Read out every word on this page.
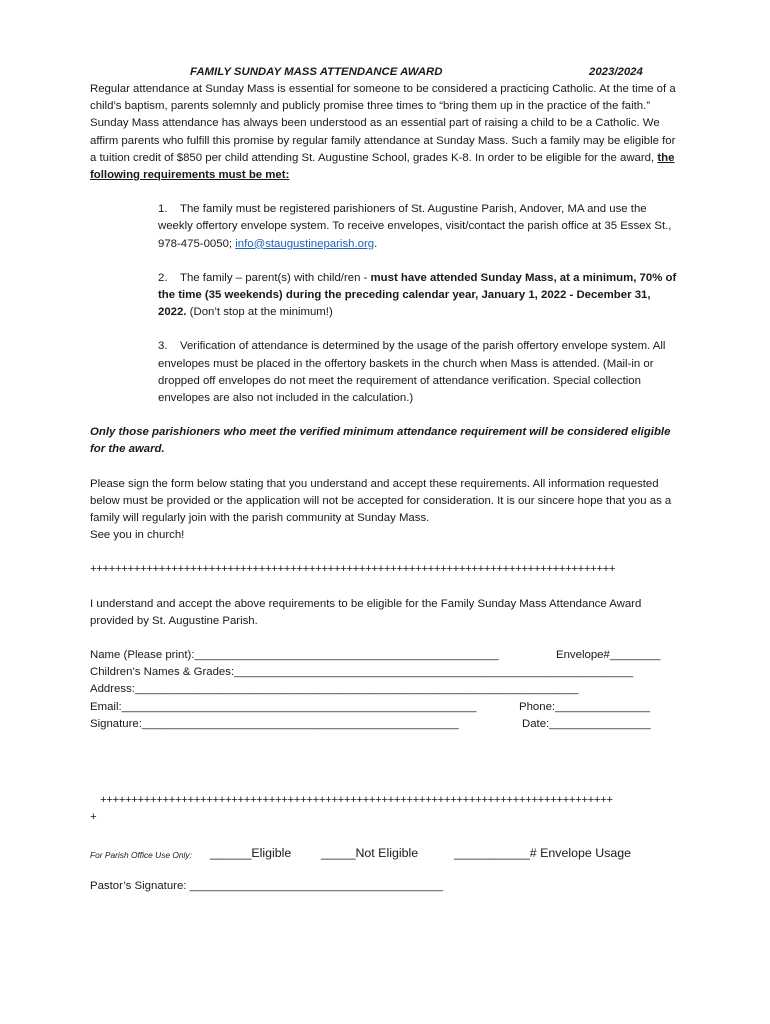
FAMILY SUNDAY MASS ATTENDANCE AWARD	2023/2024

Regular attendance at Sunday Mass is essential for someone to be considered a practicing Catholic. At the time of a child’s baptism, parents solemnly and publicly promise three times to “bring them up in the practice of the faith.” Sunday Mass attendance has always been understood as an essential part of raising a child to be a Catholic. We affirm parents who fulfill this promise by regular family attendance at Sunday Mass. Such a family may be eligible for a tuition credit of $850 per child attending St. Augustine School, grades K-8. In order to be eligible for the award, the following requirements must be met:

1. The family must be registered parishioners of St. Augustine Parish, Andover, MA and use the weekly offertory envelope system. To receive envelopes, visit/contact the parish office at 35 Essex St., 978-475-0050; info@staugustineparish.org.

2. The family – parent(s) with child/ren - must have attended Sunday Mass, at a minimum, 70% of the time (35 weekends) during the preceding calendar year, January 1, 2022 - December 31, 2022. (Don’t stop at the minimum!)

3. Verification of attendance is determined by the usage of the parish offertory envelope system. All envelopes must be placed in the offertory baskets in the church when Mass is attended. (Mail-in or dropped off envelopes do not meet the requirement of attendance verification. Special collection envelopes are also not included in the calculation.)

Only those parishioners who meet the verified minimum attendance requirement will be considered eligible for the award.

Please sign the form below stating that you understand and accept these requirements. All information requested below must be provided or the application will not be accepted for consideration. It is our sincere hope that you as a family will regularly join with the parish community at Sunday Mass.
See you in church!

++++++++++++++++++++++++++++++++++++++++++++++++++++++++++++++++++++++++++++++++++++

I understand and accept the above requirements to be eligible for the Family Sunday Mass Attendance Award provided by St. Augustine Parish.

Name (Please print):________________________________________________	Envelope#________
Children’s Names & Grades:_______________________________________________________________
Address:______________________________________________________________________
Email:________________________________________________________	Phone:_______________
Signature:__________________________________________________	Date:________________
++++++++++++++++++++++++++++++++++++++++++++++++++++++++++++++++++++++++++++++++++
+
For Parish Office Use Only: ______Eligible _____Not Eligible	___________# Envelope Usage
Pastor’s Signature: ________________________________________
